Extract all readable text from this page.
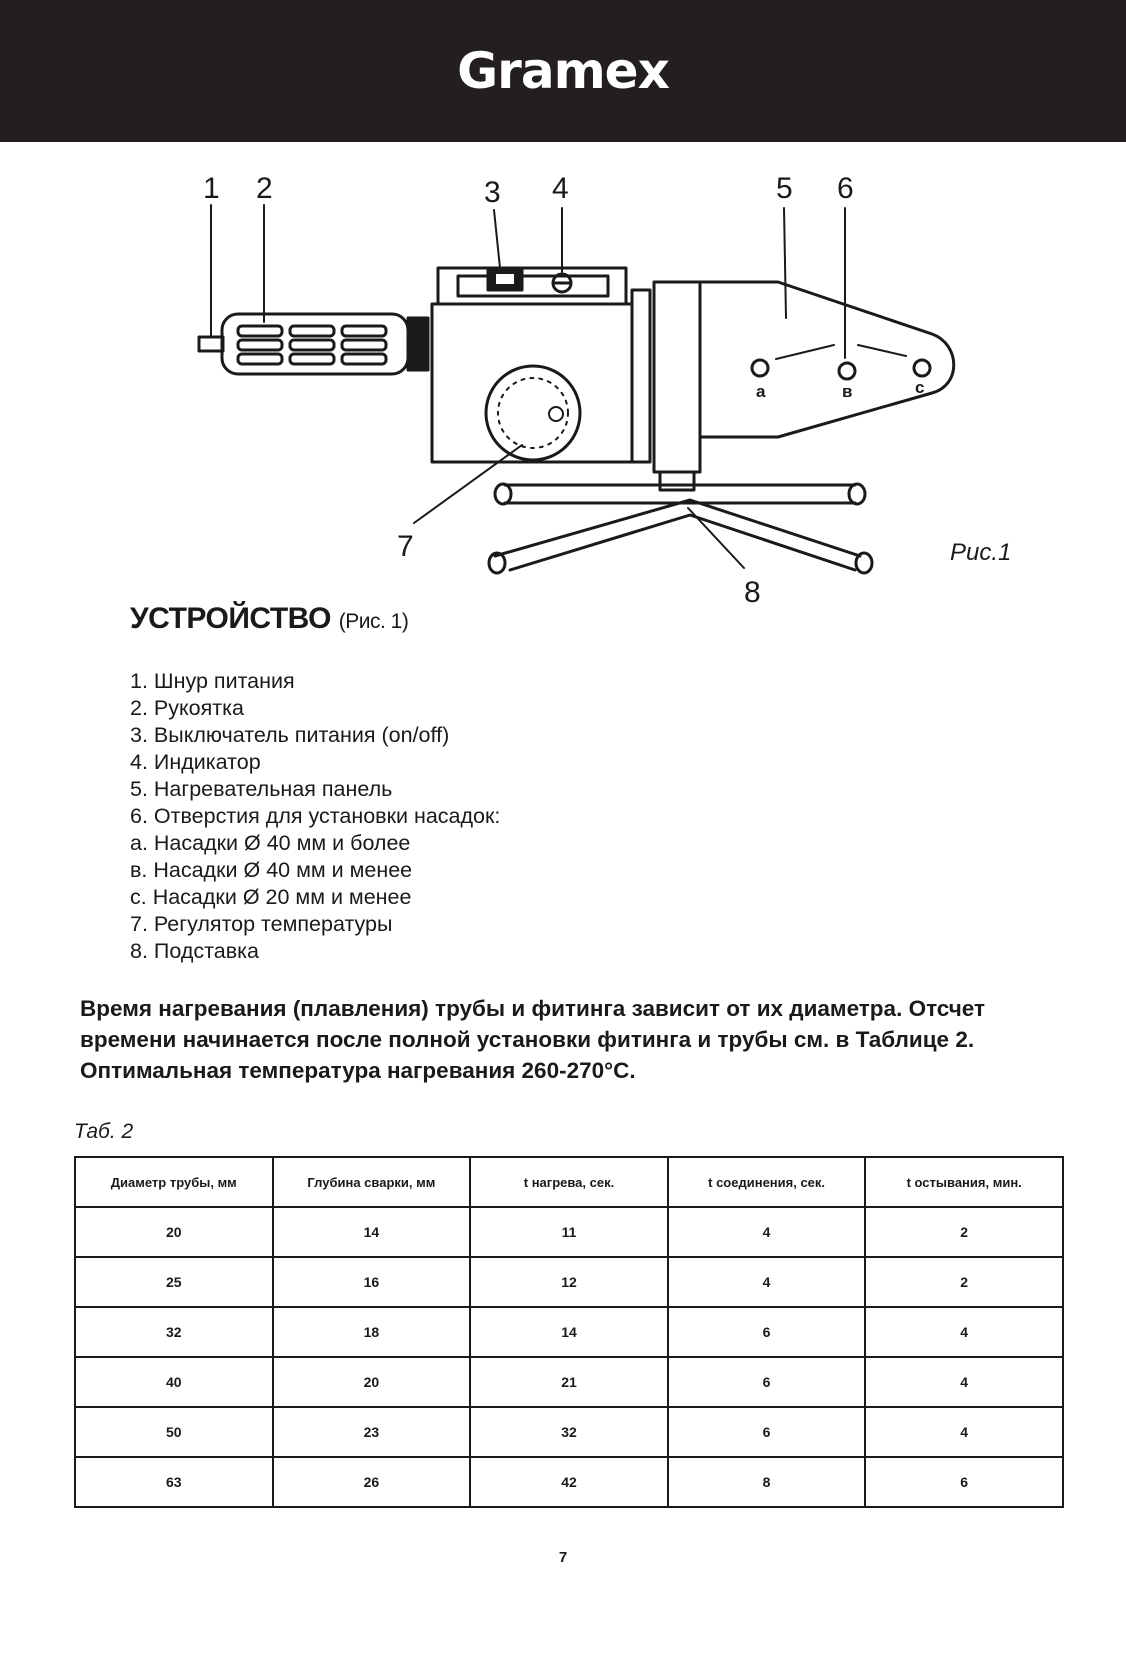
Gramex
1 2	3 4	5 6
7
8
a	в	c
Рис.1
УСТРОЙСТВО (Рис. 1)
1. Шнур питания
2. Рукоятка
3. Выключатель питания (on/off)
4. Индикатор
5. Нагревательная панель
6. Отверстия для установки насадок:
а. Насадки Ø 40 мм и более
в. Насадки Ø 40 мм и менее
с. Насадки Ø 20 мм и менее
7. Регулятор температуры
8. Подставка

Время нагревания (плавления) трубы и фитинга зависит от их диаметра. Отсчет времени начинается после полной установки фитинга и трубы см. в Таблице 2. Оптимальная температура нагревания 260-270°С.

Таб. 2
Диаметр трубы, мм	Глубина сварки, мм	t нагрева, сек.	t соединения, сек.	t остывания, мин.
20	14	11	4	2
25	16	12	4	2
32	18	14	6	4
40	20	21	6	4
50	23	32	6	4
63	26	42	8	6
7
